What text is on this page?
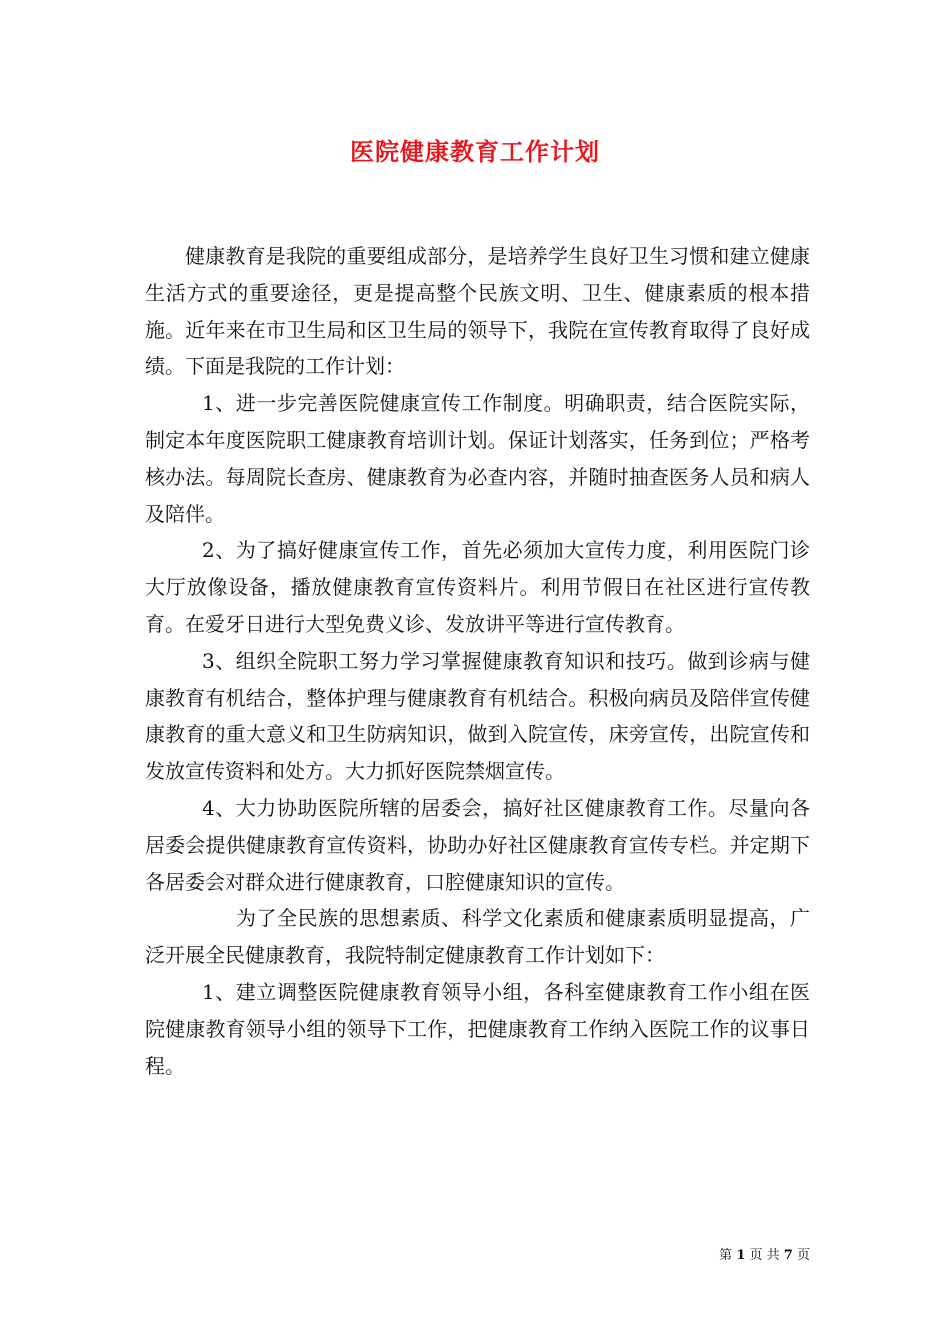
医院健康教育工作计划

健康教育是我院的重要组成部分，是培养学生良好卫生习惯和建立健康生活方式的重要途径，更是提高整个民族文明、卫生、健康素质的根本措施。近年来在市卫生局和区卫生局的领导下，我院在宣传教育取得了良好成绩。下面是我院的工作计划：

1、进一步完善医院健康宣传工作制度。明确职责，结合医院实际，制定本年度医院职工健康教育培训计划。保证计划落实，任务到位；严格考核办法。每周院长查房、健康教育为必查内容，并随时抽查医务人员和病人及陪伴。

2、为了搞好健康宣传工作，首先必须加大宣传力度，利用医院门诊大厅放像设备，播放健康教育宣传资料片。利用节假日在社区进行宣传教育。在爱牙日进行大型免费义诊、发放讲平等进行宣传教育。

3、组织全院职工努力学习掌握健康教育知识和技巧。做到诊病与健康教育有机结合，整体护理与健康教育有机结合。积极向病员及陪伴宣传健康教育的重大意义和卫生防病知识，做到入院宣传，床旁宣传，出院宣传和发放宣传资料和处方。大力抓好医院禁烟宣传。

4、大力协助医院所辖的居委会，搞好社区健康教育工作。尽量向各居委会提供健康教育宣传资料，协助办好社区健康教育宣传专栏。并定期下各居委会对群众进行健康教育，口腔健康知识的宣传。

为了全民族的思想素质、科学文化素质和健康素质明显提高，广泛开展全民健康教育，我院特制定健康教育工作计划如下：

1、建立调整医院健康教育领导小组，各科室健康教育工作小组在医院健康教育领导小组的领导下工作，把健康教育工作纳入医院工作的议事日程。

第 1 页 共 7 页
